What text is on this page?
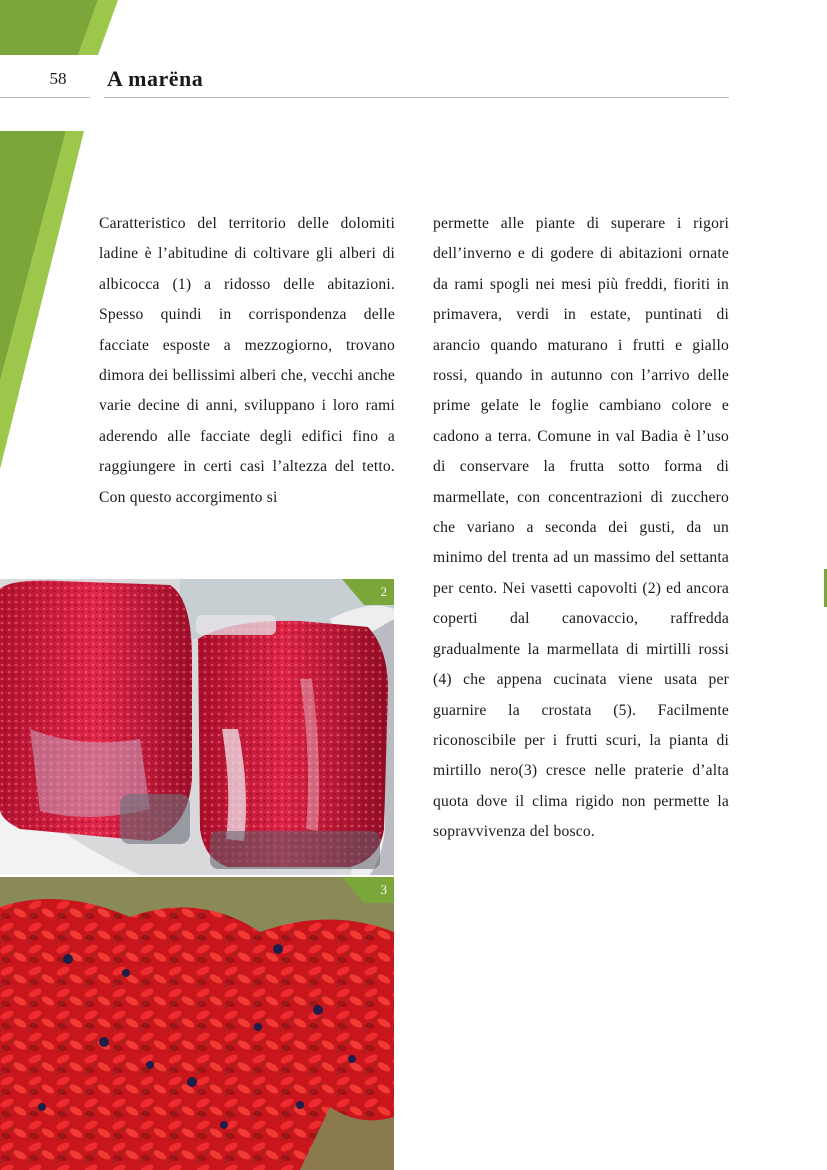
58	A marëna
Caratteristico del territorio delle dolomiti ladine è l’abitudine di coltivare gli alberi di albicocca (1) a ridosso delle abitazioni. Spesso quindi in corrispondenza delle facciate esposte a mezzogiorno, trovano dimora dei bellissimi alberi che, vecchi anche varie decine di anni, sviluppano i loro rami aderendo alle facciate degli edifici fino a raggiungere in certi casi l’altezza del tetto. Con questo accorgimento si
permette alle piante di superare i rigori dell’inverno e di godere di abitazioni ornate da rami spogli nei mesi più freddi, fioriti in primavera, verdi in estate, puntinati di arancio quando maturano i frutti e giallo rossi, quando in autunno con l’arrivo delle prime gelate le foglie cambiano colore e cadono a terra. Comune in val Badia è l’uso di conservare la frutta sotto forma di marmellate, con concentrazioni di zucchero che variano a seconda dei gusti, da un minimo del trenta ad un massimo del settanta per cento. Nei vasetti capovolti (2) ed ancora coperti dal canovaccio, raffredda gradualmente la marmellata di mirtilli rossi (4) che appena cucinata viene usata per guarnire la crostata (5). Facilmente riconoscibile per i frutti scuri, la pianta di mirtillo nero(3) cresce nelle praterie d’alta quota dove il clima rigido non permette la sopravvivenza del bosco.
2
3
